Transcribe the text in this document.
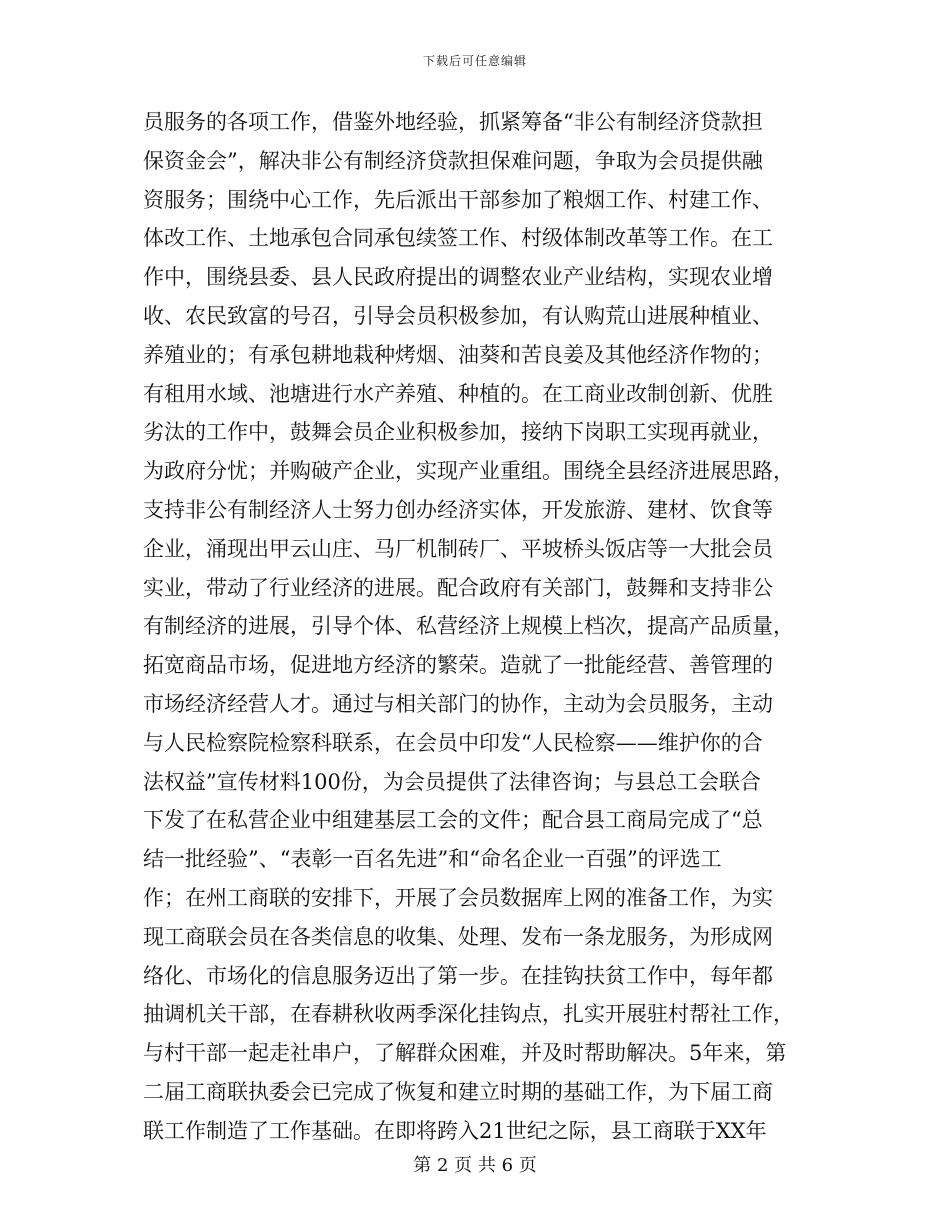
下载后可任意编辑
员服务的各项工作，借鉴外地经验，抓紧筹备“非公有制经济贷款担
保资金会”，解决非公有制经济贷款担保难问题，争取为会员提供融
资服务；围绕中心工作，先后派出干部参加了粮烟工作、村建工作、
体改工作、土地承包合同承包续签工作、村级体制改革等工作。在工
作中，围绕县委、县人民政府提出的调整农业产业结构，实现农业增
收、农民致富的号召，引导会员积极参加，有认购荒山进展种植业、
养殖业的；有承包耕地栽种烤烟、油葵和苦良姜及其他经济作物的；
有租用水域、池塘进行水产养殖、种植的。在工商业改制创新、优胜
劣汰的工作中，鼓舞会员企业积极参加，接纳下岗职工实现再就业，
为政府分忧；并购破产企业，实现产业重组。围绕全县经济进展思路，
支持非公有制经济人士努力创办经济实体，开发旅游、建材、饮食等
企业，涌现出甲云山庄、马厂机制砖厂、平坡桥头饭店等一大批会员
实业，带动了行业经济的进展。配合政府有关部门，鼓舞和支持非公
有制经济的进展，引导个体、私营经济上规模上档次，提高产品质量，
拓宽商品市场，促进地方经济的繁荣。造就了一批能经营、善管理的
市场经济经营人才。通过与相关部门的协作，主动为会员服务，主动
与人民检察院检察科联系，在会员中印发“人民检察——维护你的合
法权益”宣传材料100份，为会员提供了法律咨询；与县总工会联合
下发了在私营企业中组建基层工会的文件；配合县工商局完成了“总
结一批经验”、“表彰一百名先进”和“命名企业一百强”的评选工
作；在州工商联的安排下，开展了会员数据库上网的准备工作，为实
现工商联会员在各类信息的收集、处理、发布一条龙服务，为形成网
络化、市场化的信息服务迈出了第一步。在挂钩扶贫工作中，每年都
抽调机关干部，在春耕秋收两季深化挂钩点，扎实开展驻村帮社工作，
与村干部一起走社串户，了解群众困难，并及时帮助解决。5年来，第
二届工商联执委会已完成了恢复和建立时期的基础工作，为下届工商
联工作制造了工作基础。在即将跨入21世纪之际，县工商联于XX年
第 2 页 共 6 页
